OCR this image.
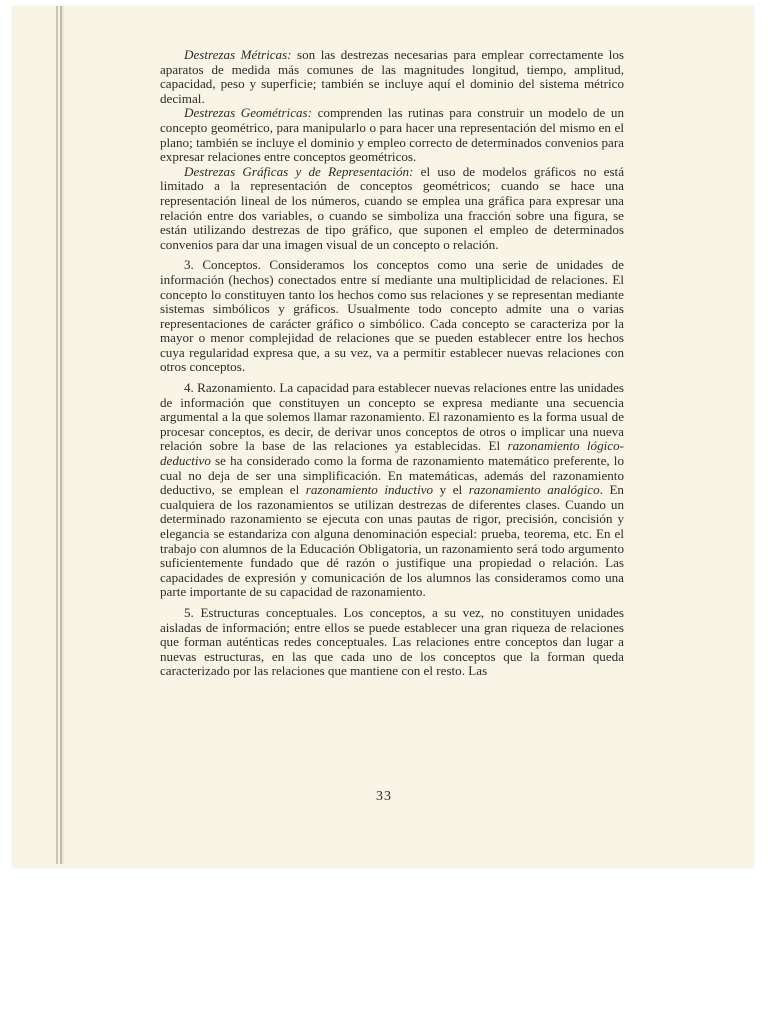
Destrezas Métricas: son las destrezas necesarias para emplear correctamente los aparatos de medida más comunes de las magnitudes longitud, tiempo, amplitud, capacidad, peso y superficie; también se incluye aquí el dominio del sistema métrico decimal.

Destrezas Geométricas: comprenden las rutinas para construir un modelo de un concepto geométrico, para manipularlo o para hacer una representación del mismo en el plano; también se incluye el dominio y empleo correcto de determinados convenios para expresar relaciones entre conceptos geométricos.

Destrezas Gráficas y de Representación: el uso de modelos gráficos no está limitado a la representación de conceptos geométricos; cuando se hace una representación lineal de los números, cuando se emplea una gráfica para expresar una relación entre dos variables, o cuando se simboliza una fracción sobre una figura, se están utilizando destrezas de tipo gráfico, que suponen el empleo de determinados convenios para dar una imagen visual de un concepto o relación.

3. Conceptos. Consideramos los conceptos como una serie de unidades de información (hechos) conectados entre sí mediante una multiplicidad de relaciones. El concepto lo constituyen tanto los hechos como sus relaciones y se representan mediante sistemas simbólicos y gráficos. Usualmente todo concepto admite una o varias representaciones de carácter gráfico o simbólico. Cada concepto se caracteriza por la mayor o menor complejidad de relaciones que se pueden establecer entre los hechos cuya regularidad expresa que, a su vez, va a permitir establecer nuevas relaciones con otros conceptos.

4. Razonamiento. La capacidad para establecer nuevas relaciones entre las unidades de información que constituyen un concepto se expresa mediante una secuencia argumental a la que solemos llamar razonamiento. El razonamiento es la forma usual de procesar conceptos, es decir, de derivar unos conceptos de otros o implicar una nueva relación sobre la base de las relaciones ya establecidas. El razonamiento lógico-deductivo se ha considerado como la forma de razonamiento matemático preferente, lo cual no deja de ser una simplificación. En matemáticas, además del razonamiento deductivo, se emplean el razonamiento inductivo y el razonamiento analógico. En cualquiera de los razonamientos se utilizan destrezas de diferentes clases. Cuando un determinado razonamiento se ejecuta con unas pautas de rigor, precisión, concisión y elegancia se estandariza con alguna denominación especial: prueba, teorema, etc. En el trabajo con alumnos de la Educación Obligatoria, un razonamiento será todo argumento suficientemente fundado que dé razón o justifique una propiedad o relación. Las capacidades de expresión y comunicación de los alumnos las consideramos como una parte importante de su capacidad de razonamiento.

5. Estructuras conceptuales. Los conceptos, a su vez, no constituyen unidades aisladas de información; entre ellos se puede establecer una gran riqueza de relaciones que forman auténticas redes conceptuales. Las relaciones entre conceptos dan lugar a nuevas estructuras, en las que cada uno de los conceptos que la forman queda caracterizado por las relaciones que mantiene con el resto. Las

33
